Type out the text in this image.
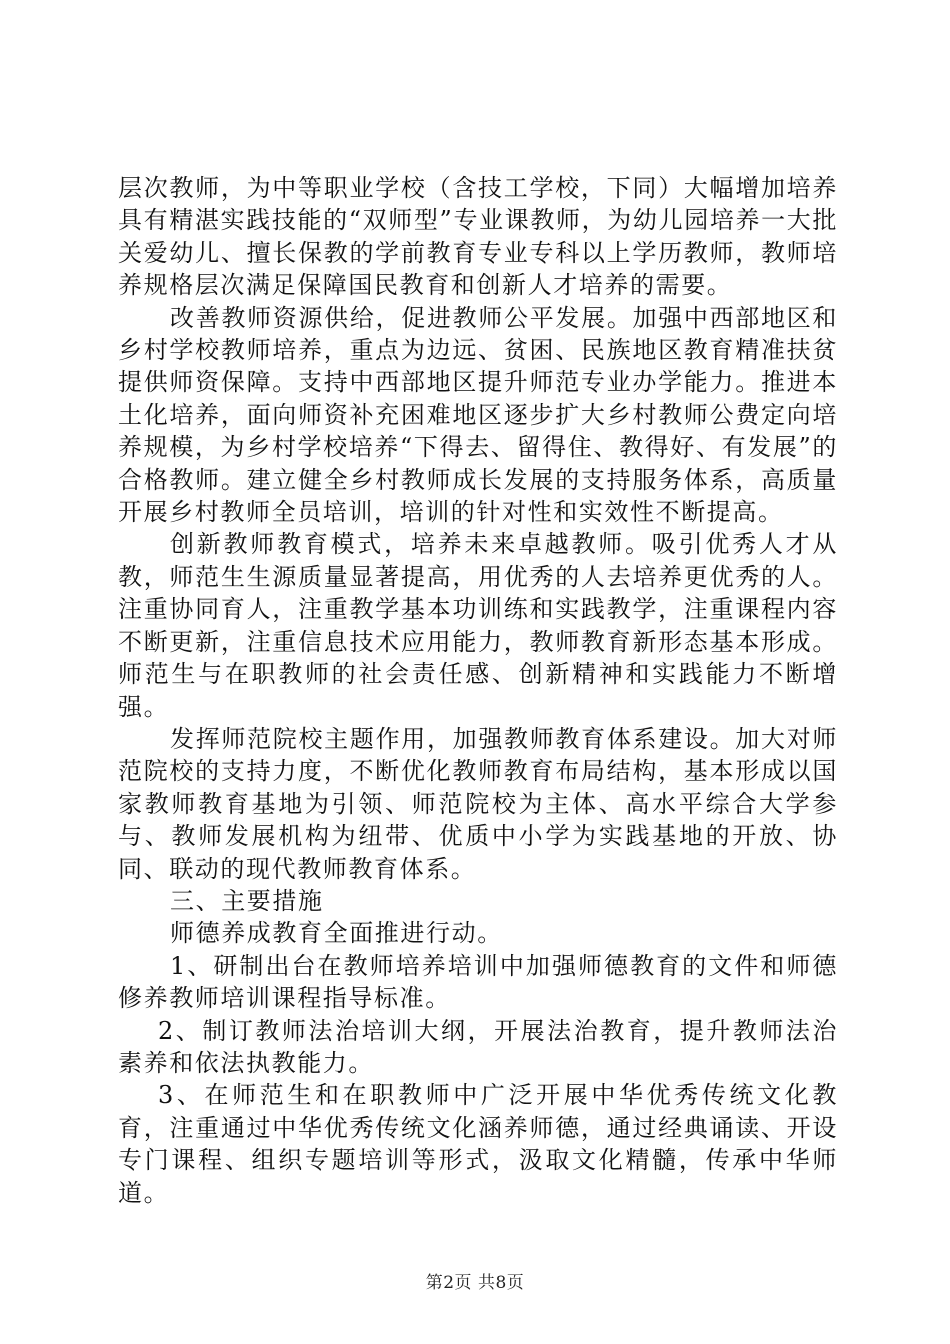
层次教师，为中等职业学校（含技工学校，下同）大幅增加培养具有精湛实践技能的“双师型”专业课教师，为幼儿园培养一大批关爱幼儿、擅长保教的学前教育专业专科以上学历教师，教师培养规格层次满足保障国民教育和创新人才培养的需要。

改善教师资源供给，促进教师公平发展。加强中西部地区和乡村学校教师培养，重点为边远、贫困、民族地区教育精准扶贫提供师资保障。支持中西部地区提升师范专业办学能力。推进本土化培养，面向师资补充困难地区逐步扩大乡村教师公费定向培养规模，为乡村学校培养“下得去、留得住、教得好、有发展”的合格教师。建立健全乡村教师成长发展的支持服务体系，高质量开展乡村教师全员培训，培训的针对性和实效性不断提高。

创新教师教育模式，培养未来卓越教师。吸引优秀人才从教，师范生生源质量显著提高，用优秀的人去培养更优秀的人。注重协同育人，注重教学基本功训练和实践教学，注重课程内容不断更新，注重信息技术应用能力，教师教育新形态基本形成。师范生与在职教师的社会责任感、创新精神和实践能力不断增强。

发挥师范院校主题作用，加强教师教育体系建设。加大对师范院校的支持力度，不断优化教师教育布局结构，基本形成以国家教师教育基地为引领、师范院校为主体、高水平综合大学参与、教师发展机构为纽带、优质中小学为实践基地的开放、协同、联动的现代教师教育体系。

三、主要措施

师德养成教育全面推进行动。

1、研制出台在教师培养培训中加强师德教育的文件和师德修养教师培训课程指导标准。

2、制订教师法治培训大纲，开展法治教育，提升教师法治素养和依法执教能力。

3、在师范生和在职教师中广泛开展中华优秀传统文化教育，注重通过中华优秀传统文化涵养师德，通过经典诵读、开设专门课程、组织专题培训等形式，汲取文化精髓，传承中华师道。

第2页 共8页
